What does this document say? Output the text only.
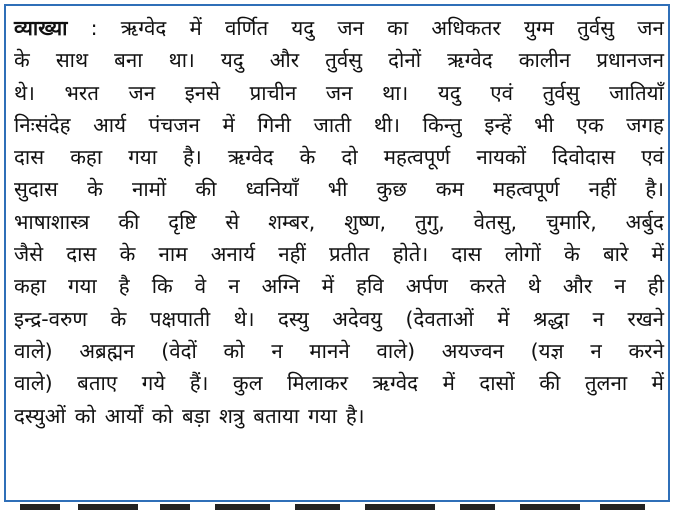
व्याख्या : ऋग्वेद में वर्णित यदु जन का अधिकतर युग्म तुर्वसु जन
के साथ बना था। यदु और तुर्वसु दोनों ऋग्वेद कालीन प्रधानजन
थे। भरत जन इनसे प्राचीन जन था। यदु एवं तुर्वसु जातियाँ
निःसंदेह आर्य पंचजन में गिनी जाती थी। किन्तु इन्हें भी एक जगह
दास कहा गया है। ऋग्वेद के दो महत्वपूर्ण नायकों दिवोदास एवं
सुदास के नामों की ध्वनियाँ भी कुछ कम महत्वपूर्ण नहीं है।
भाषाशास्त्र की दृष्टि से शम्बर, शुष्ण, तुगु, वेतसु, चुमारि, अर्बुद
जैसे दास के नाम अनार्य नहीं प्रतीत होते। दास लोगों के बारे में
कहा गया है कि वे न अग्नि में हवि अर्पण करते थे और न ही
इन्द्र-वरुण के पक्षपाती थे। दस्यु अदेवयु (देवताओं में श्रद्धा न रखने
वाले) अब्रह्मन (वेदों को न मानने वाले) अयज्वन (यज्ञ न करने
वाले) बताए गये हैं। कुल मिलाकर ऋग्वेद में दासों की तुलना में
दस्युओं को आर्यों को बड़ा शत्रु बताया गया है।
